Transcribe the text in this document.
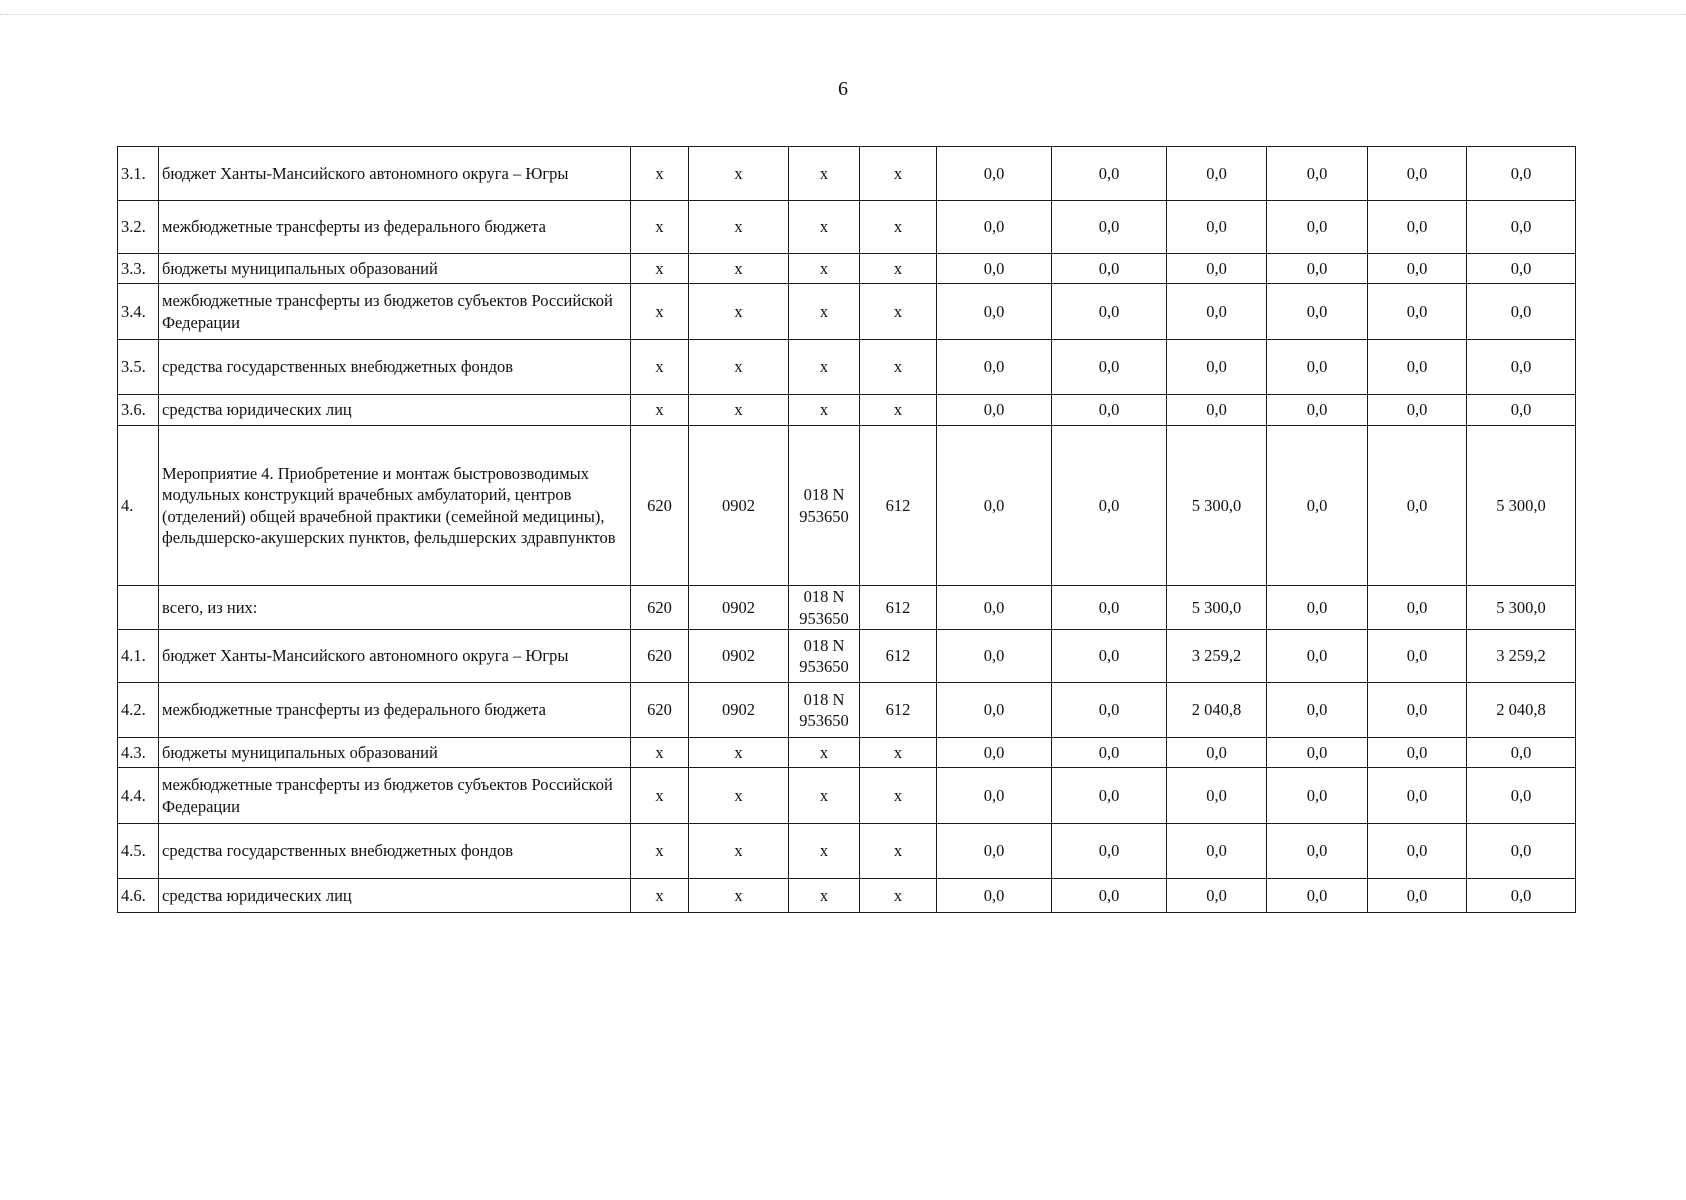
6
3.1.	бюджет Ханты-Мансийского автономного округа – Югры	х	х	х	х	0,0	0,0	0,0	0,0	0,0	0,0
3.2.	межбюджетные трансферты из федерального бюджета	х	х	х	х	0,0	0,0	0,0	0,0	0,0	0,0
3.3.	бюджеты муниципальных образований	х	х	х	х	0,0	0,0	0,0	0,0	0,0	0,0
3.4.	межбюджетные трансферты из бюджетов субъектов Российской Федерации	х	х	х	х	0,0	0,0	0,0	0,0	0,0	0,0
3.5.	средства государственных внебюджетных фондов	х	х	х	х	0,0	0,0	0,0	0,0	0,0	0,0
3.6.	средства юридических лиц	х	х	х	х	0,0	0,0	0,0	0,0	0,0	0,0
4.	Мероприятие 4. Приобретение и монтаж быстровозводимых модульных конструкций врачебных амбулаторий, центров (отделений) общей врачебной практики (семейной медицины), фельдшерско-акушерских пунктов, фельдшерских здравпунктов	620	0902	018 N 953650	612	0,0	0,0	5 300,0	0,0	0,0	5 300,0
	всего, из них:	620	0902	018 N 953650	612	0,0	0,0	5 300,0	0,0	0,0	5 300,0
4.1.	бюджет Ханты-Мансийского автономного округа – Югры	620	0902	018 N 953650	612	0,0	0,0	3 259,2	0,0	0,0	3 259,2
4.2.	межбюджетные трансферты из федерального бюджета	620	0902	018 N 953650	612	0,0	0,0	2 040,8	0,0	0,0	2 040,8
4.3.	бюджеты муниципальных образований	х	х	х	х	0,0	0,0	0,0	0,0	0,0	0,0
4.4.	межбюджетные трансферты из бюджетов субъектов Российской Федерации	х	х	х	х	0,0	0,0	0,0	0,0	0,0	0,0
4.5.	средства государственных внебюджетных фондов	х	х	х	х	0,0	0,0	0,0	0,0	0,0	0,0
4.6.	средства юридических лиц	х	х	х	х	0,0	0,0	0,0	0,0	0,0	0,0
